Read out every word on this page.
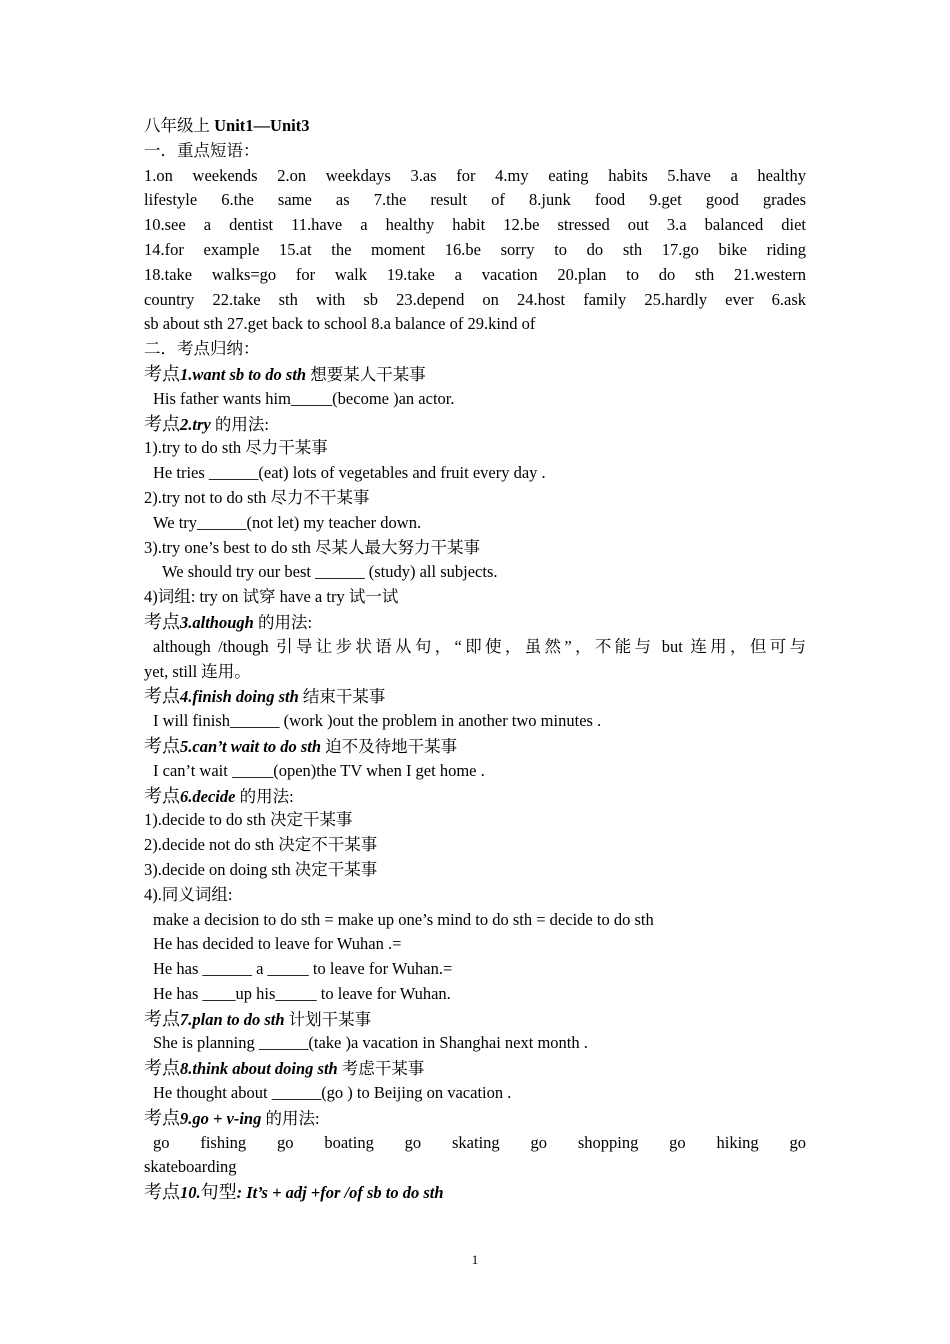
八年级上 Unit1—Unit3
一．重点短语：
1.on weekends 2.on weekdays 3.as for 4.my eating habits 5.have a healthy
lifestyle 6.the same as 7.the result of 8.junk food 9.get good grades
10.see a dentist 11.have a healthy habit 12.be stressed out 3.a balanced diet
14.for example 15.at the moment 16.be sorry to do sth 17.go bike riding
18.take walks=go for walk 19.take a vacation 20.plan to do sth 21.western
country 22.take sth with sb 23.depend on 24.host family 25.hardly ever 6.ask
sb about sth 27.get back to school 8.a balance of 29.kind of
二．考点归纳：
考点1.want sb to do sth 想要某人干某事
His father wants him_____(become )an actor.
考点2.try 的用法:
1).try to do sth 尽力干某事
He tries ______(eat) lots of vegetables and fruit every day .
2).try not to do sth 尽力不干某事
We try______(not let) my teacher down.
3).try one’s best to do sth 尽某人最大努力干某事
We should try our best ______ (study) all subjects.
4)词组: try on 试穿 have a try 试一试
考点3.although 的用法:
although /though 引导让步状语从句，“即使，虽然”，不能与 but 连用，但可与
yet, still 连用。
考点4.finish doing sth 结束干某事
I will finish______ (work )out the problem in another two minutes .
考点5.can’t wait to do sth 迫不及待地干某事
I can’t wait _____(open)the TV when I get home .
考点6.decide 的用法:
1).decide to do sth 决定干某事
2).decide not do sth 决定不干某事
3).decide on doing sth 决定干某事
4).同义词组:
make a decision to do sth = make up one’s mind to do sth = decide to do sth
He has decided to leave for Wuhan .=
He has ______ a _____ to leave for Wuhan.=
He has ____up his_____ to leave for Wuhan.
考点7.plan to do sth 计划干某事
She is planning ______(take )a vacation in Shanghai next month .
考点8.think about doing sth 考虑干某事
He thought about ______(go ) to Beijing on vacation .
考点9.go + v-ing 的用法:
go fishing go boating go skating go shopping go hiking go
skateboarding
考点10.句型: It’s + adj +for /of sb to do sth
1
